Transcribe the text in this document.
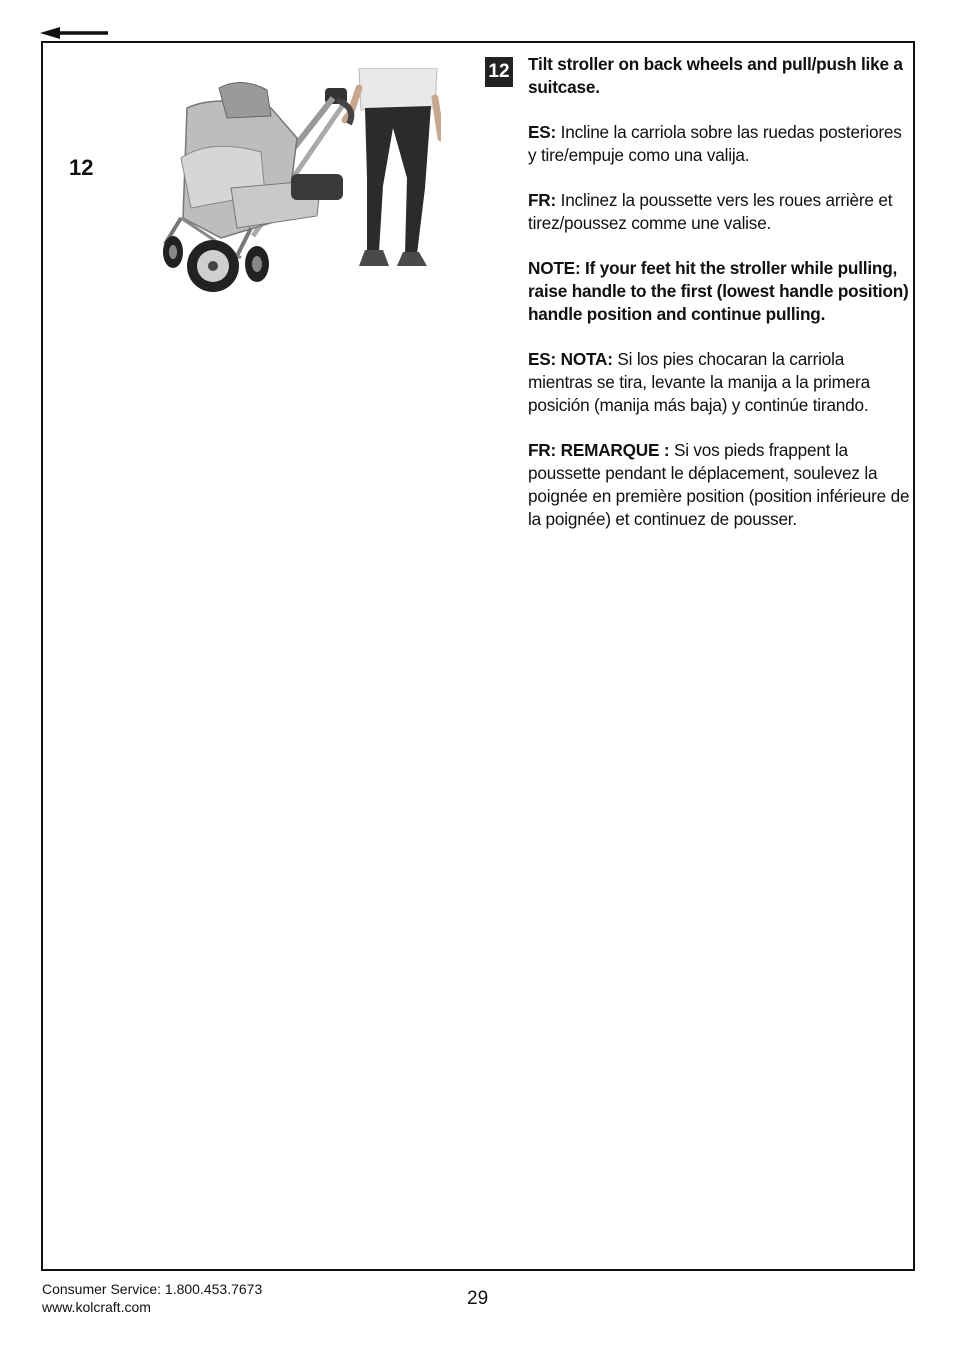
12
12 Tilt stroller on back wheels and pull/push like a suitcase.

ES: Incline la carriola sobre las ruedas posteriores y tire/empuje como una valija.

FR: Inclinez la poussette vers les roues arrière et tirez/poussez comme une valise.

NOTE: If your feet hit the stroller while pulling, raise handle to the first (lowest handle position) handle position and continue pulling.

ES: NOTA: Si los pies chocaran la carriola mientras se tira, levante la manija a la primera posición (manija más baja) y continúe tirando.

FR: REMARQUE : Si vos pieds frappent la poussette pendant le déplacement, soulevez la poignée en première position (position inférieure de la poignée) et continuez de pousser.

Consumer Service: 1.800.453.7673
www.kolcraft.com	29
